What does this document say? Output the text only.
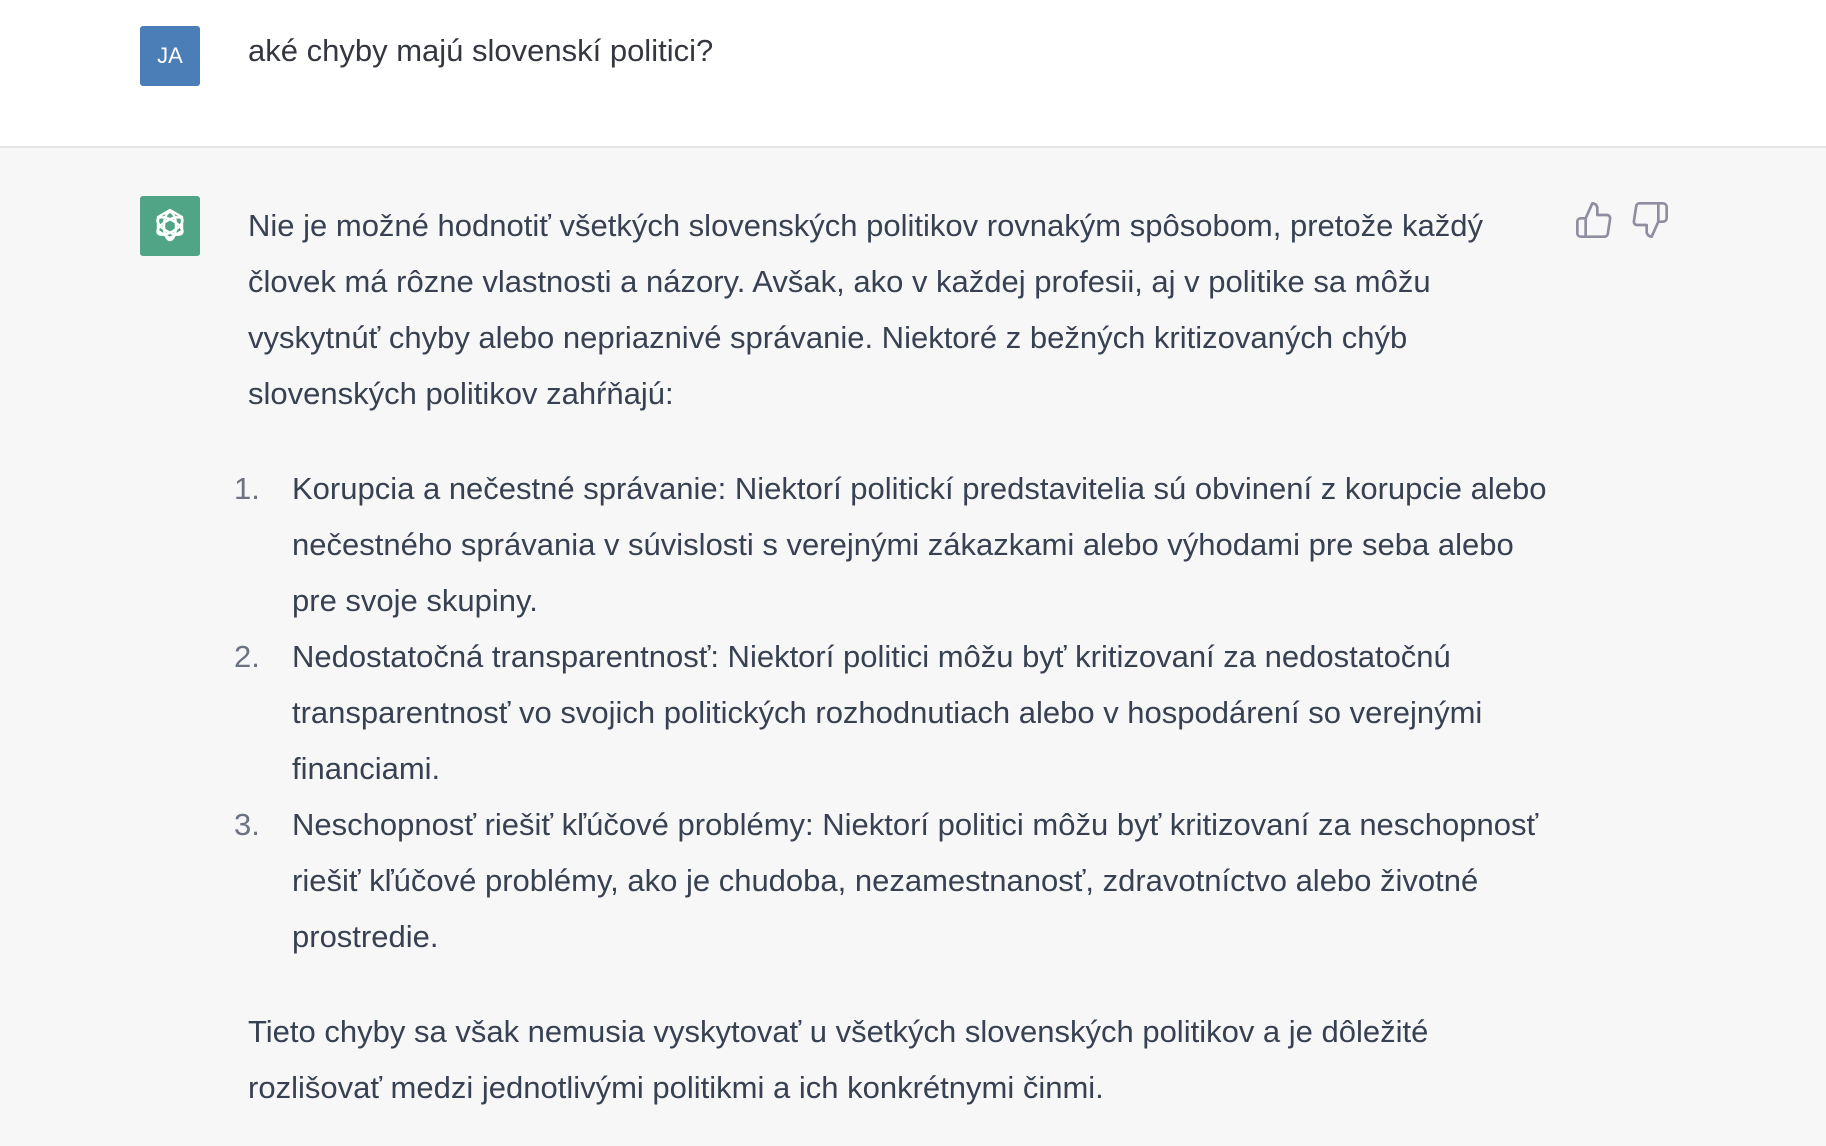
JA	aké chyby majú slovenskí politici?

Nie je možné hodnotiť všetkých slovenských politikov rovnakým spôsobom, pretože každý človek má rôzne vlastnosti a názory. Avšak, ako v každej profesii, aj v politike sa môžu vyskytnúť chyby alebo nepriaznivé správanie. Niektoré z bežných kritizovaných chýb slovenských politikov zahŕňajú:

1. Korupcia a nečestné správanie: Niektorí politickí predstavitelia sú obvinení z korupcie alebo nečestného správania v súvislosti s verejnými zákazkami alebo výhodami pre seba alebo pre svoje skupiny.
2. Nedostatočná transparentnosť: Niektorí politici môžu byť kritizovaní za nedostatočnú transparentnosť vo svojich politických rozhodnutiach alebo v hospodárení so verejnými financiami.
3. Neschopnosť riešiť kľúčové problémy: Niektorí politici môžu byť kritizovaní za neschopnosť riešiť kľúčové problémy, ako je chudoba, nezamestnanosť, zdravotníctvo alebo životné prostredie.

Tieto chyby sa však nemusia vyskytovať u všetkých slovenských politikov a je dôležité rozlišovať medzi jednotlivými politikmi a ich konkrétnymi činmi.
